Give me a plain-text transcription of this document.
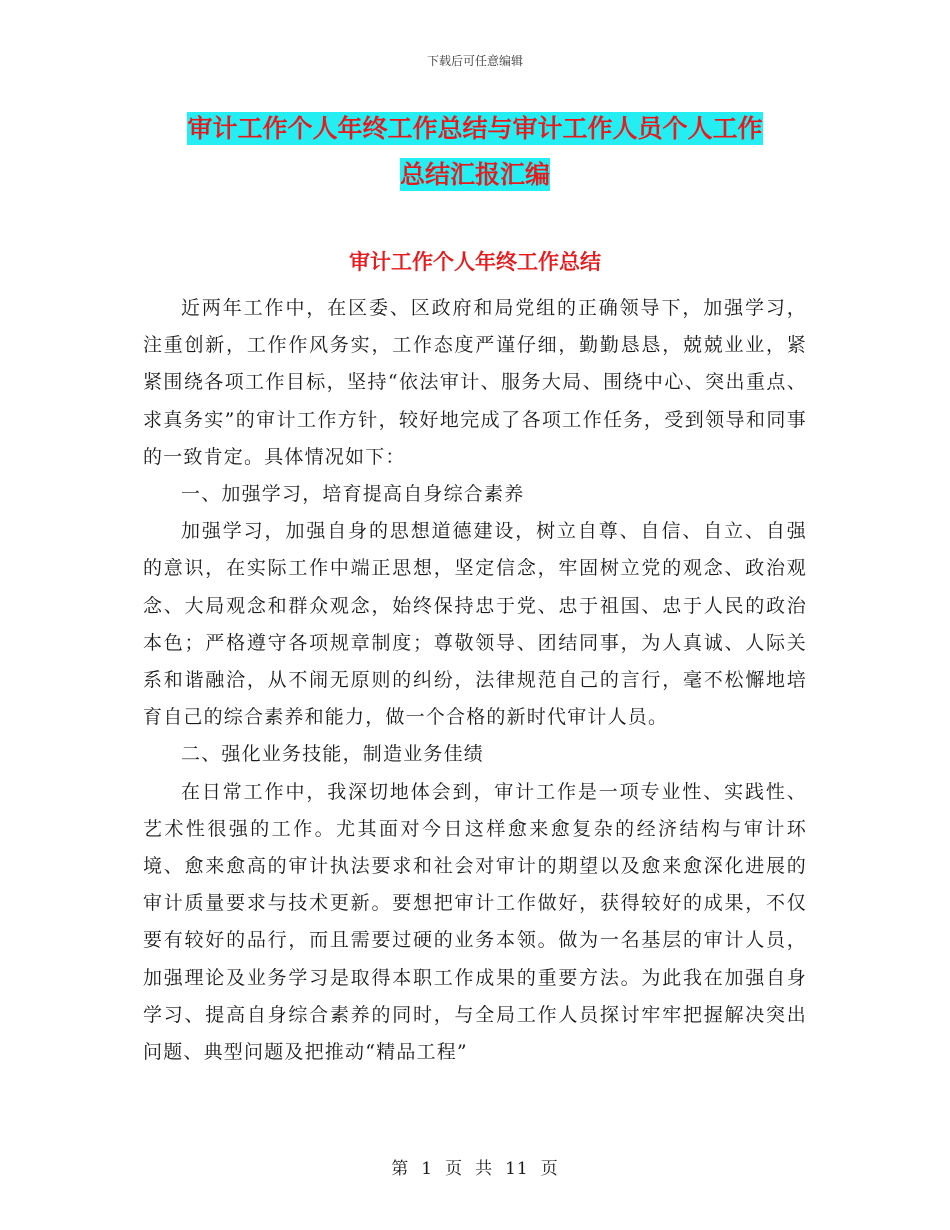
下载后可任意编辑
审计工作个人年终工作总结与审计工作人员个人工作
总结汇报汇编
审计工作个人年终工作总结

近两年工作中，在区委、区政府和局党组的正确领导下，加强学习，注重创新，工作作风务实，工作态度严谨仔细，勤勤恳恳，兢兢业业，紧紧围绕各项工作目标，坚持“依法审计、服务大局、围绕中心、突出重点、求真务实”的审计工作方针，较好地完成了各项工作任务，受到领导和同事的一致肯定。具体情况如下：

一、加强学习，培育提高自身综合素养

加强学习，加强自身的思想道德建设，树立自尊、自信、自立、自强的意识，在实际工作中端正思想，坚定信念，牢固树立党的观念、政治观念、大局观念和群众观念，始终保持忠于党、忠于祖国、忠于人民的政治本色；严格遵守各项规章制度；尊敬领导、团结同事，为人真诚、人际关系和谐融洽，从不闹无原则的纠纷，法律规范自己的言行，毫不松懈地培育自己的综合素养和能力，做一个合格的新时代审计人员。

二、强化业务技能，制造业务佳绩

在日常工作中，我深切地体会到，审计工作是一项专业性、实践性、艺术性很强的工作。尤其面对今日这样愈来愈复杂的经济结构与审计环境、愈来愈高的审计执法要求和社会对审计的期望以及愈来愈深化进展的审计质量要求与技术更新。要想把审计工作做好，获得较好的成果，不仅要有较好的品行，而且需要过硬的业务本领。做为一名基层的审计人员，加强理论及业务学习是取得本职工作成果的重要方法。为此我在加强自身学习、提高自身综合素养的同时，与全局工作人员探讨牢牢把握解决突出问题、典型问题及把推动“精品工程”

第 1 页 共 11 页
